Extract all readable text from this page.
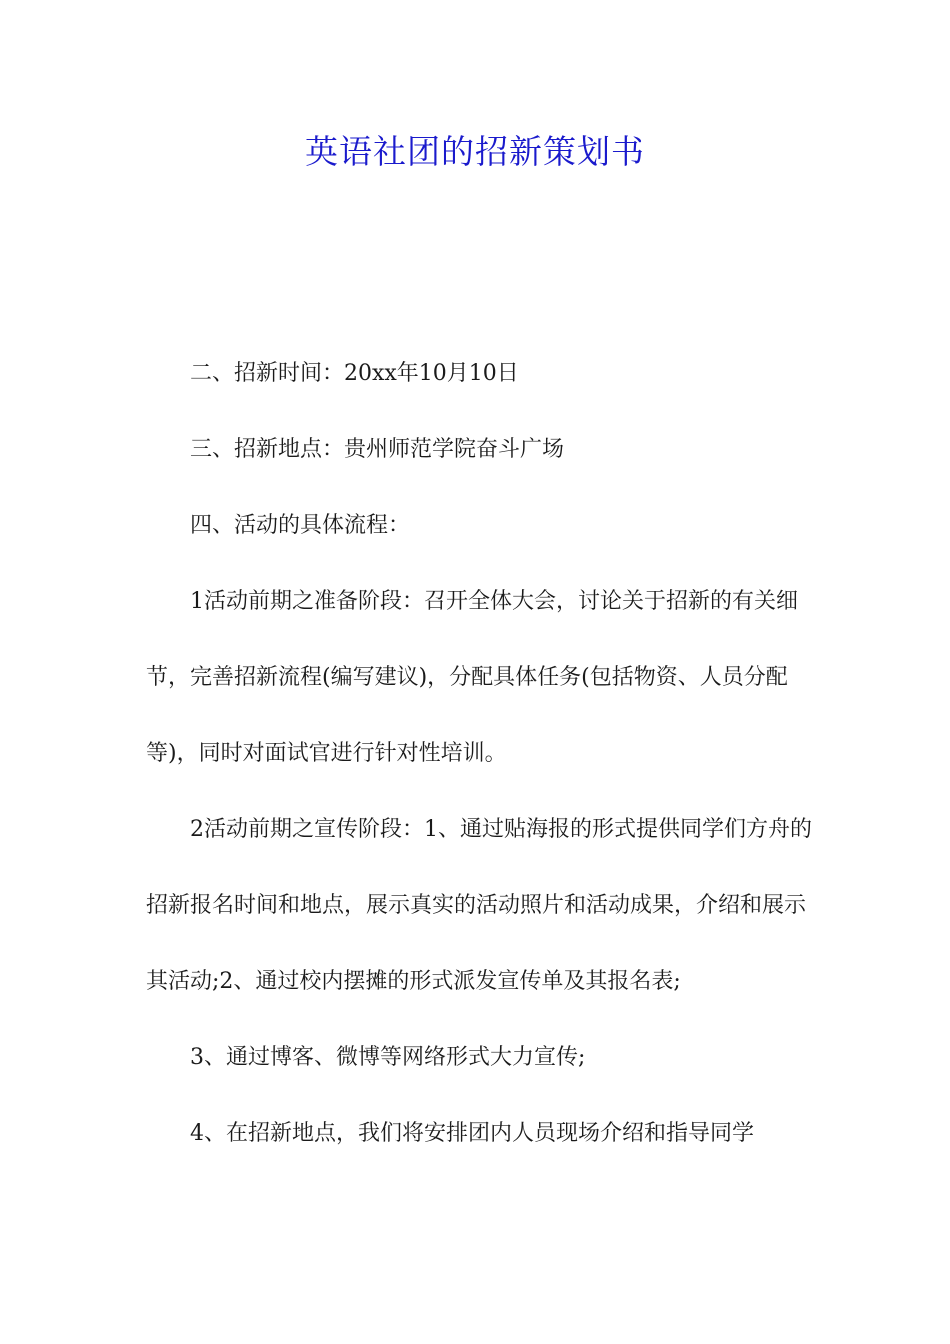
英语社团的招新策划书

二、招新时间：20xx年10月10日

三、招新地点：贵州师范学院奋斗广场

四、活动的具体流程：

1活动前期之准备阶段：召开全体大会，讨论关于招新的有关细节，完善招新流程(编写建议)，分配具体任务(包括物资、人员分配等)，同时对面试官进行针对性培训。

2活动前期之宣传阶段：1、通过贴海报的形式提供同学们方舟的招新报名时间和地点，展示真实的活动照片和活动成果，介绍和展示其活动;2、通过校内摆摊的形式派发宣传单及其报名表;

3、通过博客、微博等网络形式大力宣传;

4、在招新地点，我们将安排团内人员现场介绍和指导同学
